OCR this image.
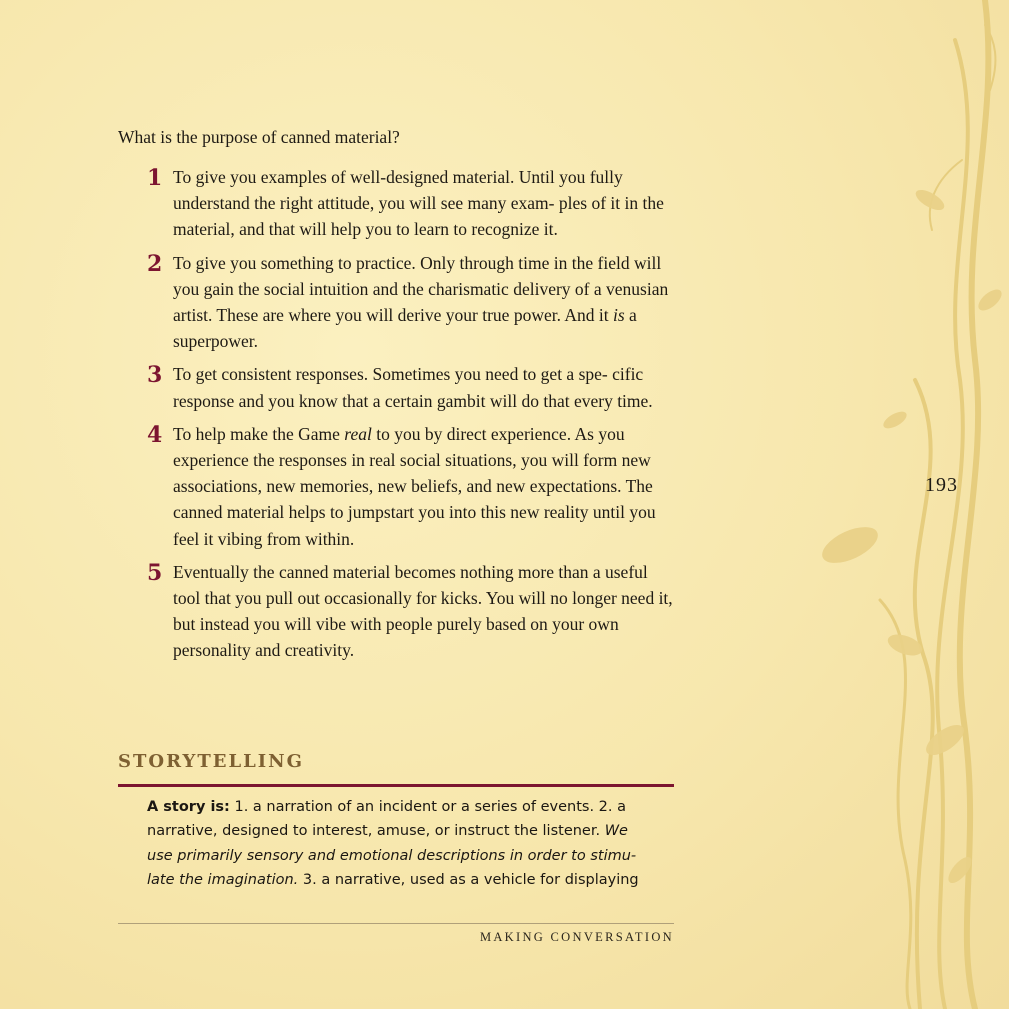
What is the purpose of canned material?

1 To give you examples of well-designed material. Until you fully understand the right attitude, you will see many exam- ples of it in the material, and that will help you to learn to recognize it.
2 To give you something to practice. Only through time in the field will you gain the social intuition and the charismatic delivery of a venusian artist. These are where you will derive your true power. And it is a superpower.
3 To get consistent responses. Sometimes you need to get a spe- cific response and you know that a certain gambit will do that every time.
4 To help make the Game real to you by direct experience. As you experience the responses in real social situations, you will form new associations, new memories, new beliefs, and new expectations. The canned material helps to jumpstart you into this new reality until you feel it vibing from within.
5 Eventually the canned material becomes nothing more than a useful tool that you pull out occasionally for kicks. You will no longer need it, but instead you will vibe with people purely based on your own personality and creativity.
193
STORYTELLING

A story is: 1. a narration of an incident or a series of events. 2. a narrative, designed to interest, amuse, or instruct the listener. We use primarily sensory and emotional descriptions in order to stimu-late the imagination. 3. a narrative, used as a vehicle for displaying

MAKING CONVERSATION
